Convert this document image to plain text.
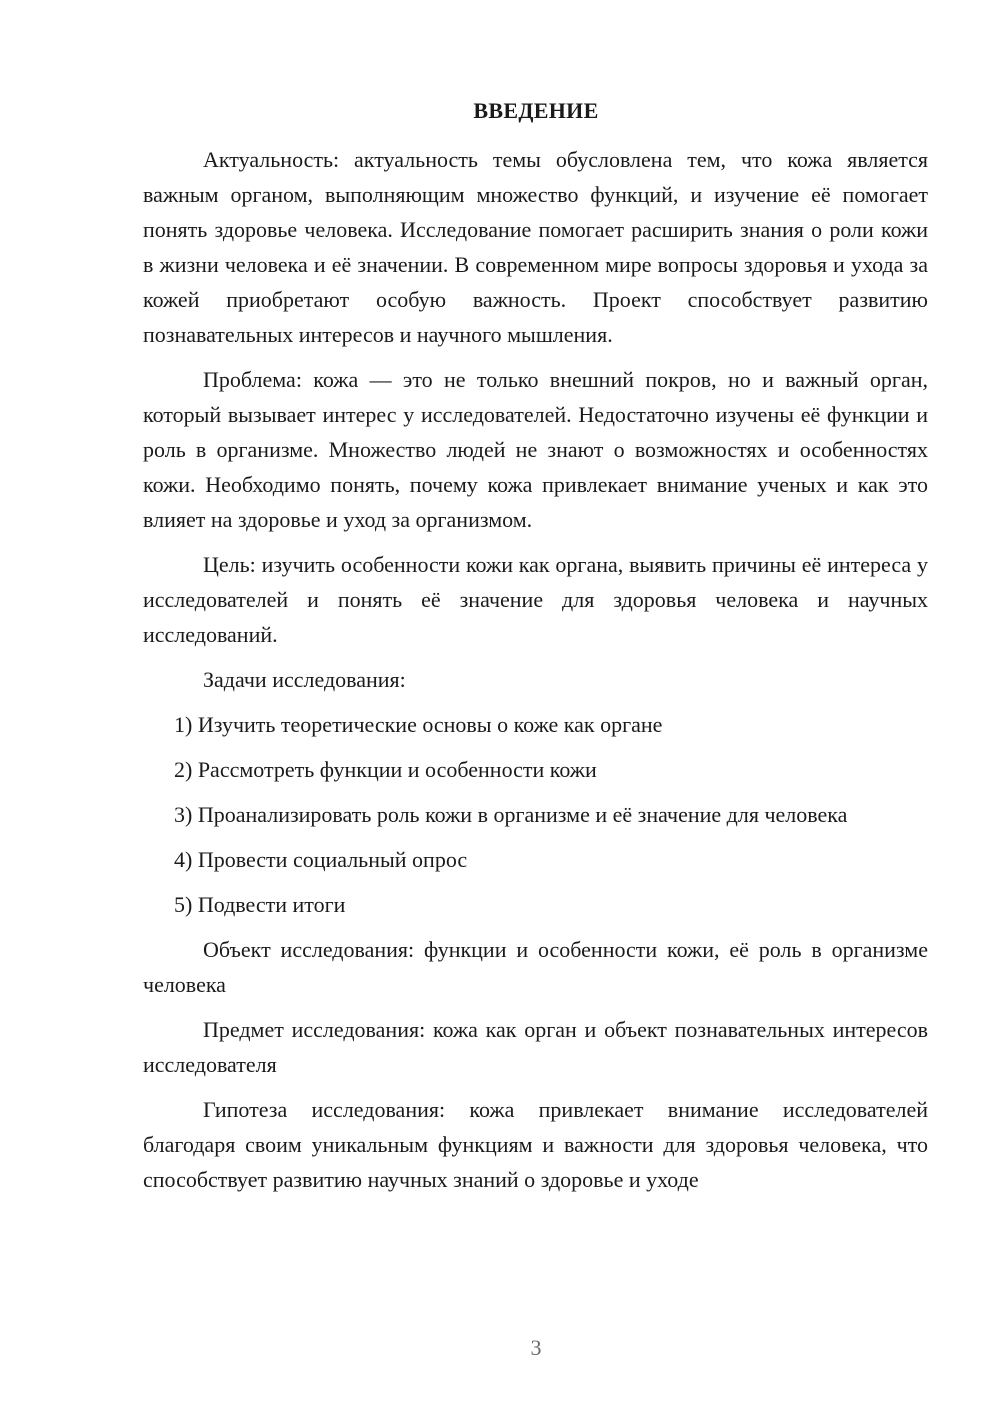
ВВЕДЕНИЕ

Актуальность: актуальность темы обусловлена тем, что кожа является важным органом, выполняющим множество функций, и изучение её помогает понять здоровье человека. Исследование помогает расширить знания о роли кожи в жизни человека и её значении. В современном мире вопросы здоровья и ухода за кожей приобретают особую важность. Проект способствует развитию познавательных интересов и научного мышления.

Проблема: кожа — это не только внешний покров, но и важный орган, который вызывает интерес у исследователей. Недостаточно изучены её функции и роль в организме. Множество людей не знают о возможностях и особенностях кожи. Необходимо понять, почему кожа привлекает внимание ученых и как это влияет на здоровье и уход за организмом.

Цель: изучить особенности кожи как органа, выявить причины её интереса у исследователей и понять её значение для здоровья человека и научных исследований.

Задачи исследования:

1) Изучить теоретические основы о коже как органе

2) Рассмотреть функции и особенности кожи

3) Проанализировать роль кожи в организме и её значение для человека

4) Провести социальный опрос

5) Подвести итоги

Объект исследования: функции и особенности кожи, её роль в организме человека

Предмет исследования: кожа как орган и объект познавательных интересов исследователя

Гипотеза исследования: кожа привлекает внимание исследователей благодаря своим уникальным функциям и важности для здоровья человека, что способствует развитию научных знаний о здоровье и уходе

3
